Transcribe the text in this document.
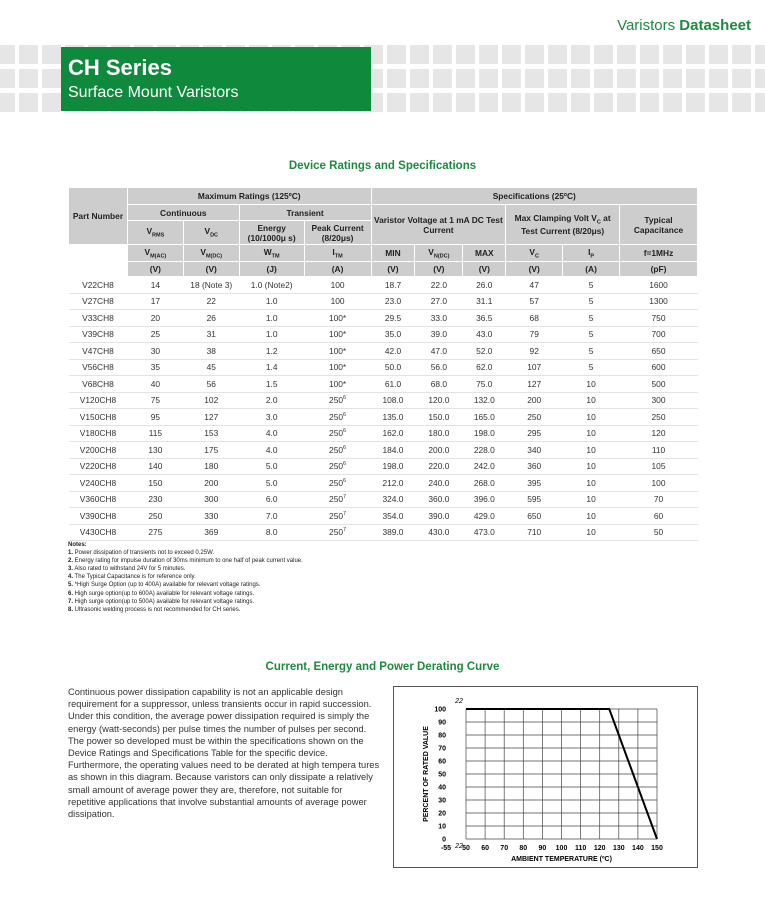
Varistors Datasheet
CH Series
Surface Mount Varistors
Device Ratings and Specifications
Part Number	Maximum Ratings (125ºC)				Specifications (25ºC)					
	Continuous		Transient		Varistor Voltage at 1 mA DC Test Current			Max Clamping Volt $V_C$ at Test Current (8/20μs)		Typical Capacitance
	$V_{RMS}$	$V_{DC}$	Energy (10/1000μ s)	Peak Current (8/20μs)						
	$V_{M(AC)}$	$V_{M(DC)}$	$W_{TM}$	$I_{TM}$	MIN	$V_{N(DC)}$	MAX	$V_C$	$I_P$	f=1MHz
	(V)	(V)	(J)	(A)	(V)	(V)	(V)	(V)	(A)	(pF)
V22CH8	14	18 (Note 3)	1.0 (Note2)	100	18.7	22.0	26.0	47	5	1600
V27CH8	17	22	1.0	100	23.0	27.0	31.1	57	5	1300
V33CH8	20	26	1.0	100*	29.5	33.0	36.5	68	5	750
V39CH8	25	31	1.0	100*	35.0	39.0	43.0	79	5	700
V47CH8	30	38	1.2	100*	42.0	47.0	52.0	92	5	650
V56CH8	35	45	1.4	100*	50.0	56.0	62.0	107	5	600
V68CH8	40	56	1.5	100*	61.0	68.0	75.0	127	10	500
V120CH8	75	102	2.0	$250^6$	108.0	120.0	132.0	200	10	300
V150CH8	95	127	3.0	$250^6$	135.0	150.0	165.0	250	10	250
V180CH8	115	153	4.0	$250^6$	162.0	180.0	198.0	295	10	120
V200CH8	130	175	4.0	$250^6$	184.0	200.0	228.0	340	10	110
V220CH8	140	180	5.0	$250^6$	198.0	220.0	242.0	360	10	105
V240CH8	150	200	5.0	$250^6$	212.0	240.0	268.0	395	10	100
V360CH8	230	300	6.0	$250^7$	324.0	360.0	396.0	595	10	70
V390CH8	250	330	7.0	$250^7$	354.0	390.0	429.0	650	10	60
V430CH8	275	369	8.0	$250^7$	389.0	430.0	473.0	710	10	50
Notes:
1. Power dissipation of transients not to exceed 0.25W.
2. Energy rating for impulse duration of 30ms minimum to one half of peak current value.
3. Also rated to withstand 24V for 5 minutes.
4. The Typical Capacitance is for reference only.
5. *High Surge Option (up to 400A) available for relevant voltage ratings.
6. High surge option(up to 600A) available for relevant voltage ratings.
7. High surge option(up to 500A) available for relevant voltage ratings.
8. Ultrasonic welding process is not recommended for CH series.
Current, Energy and Power Derating Curve
Continuous power dissipation capability is not an applicable design requirement for a suppressor, unless transients occur in rapid succession. Under this condition, the average power dissipation required is simply the energy (watt-seconds) per pulse times the number of pulses per second. The power so developed must be within the specifications shown on the Device Ratings and Specifications Table for the specific device. Furthermore, the operating values need to be derated at high tempera tures as shown in this diagram. Because varistors can only dissipate a relatively small amount of average power they are, therefore, not suitable for repetitive applications that involve substantial amounts of average power dissipation.
22
22
0
10
20
30
40
50
60
70
80
90
100
-55 50 60 70 80 90 100 110 120 130 140 150
AMBIENT TEMPERATURE (ºC)
PERCENT OF RATED VALUE
